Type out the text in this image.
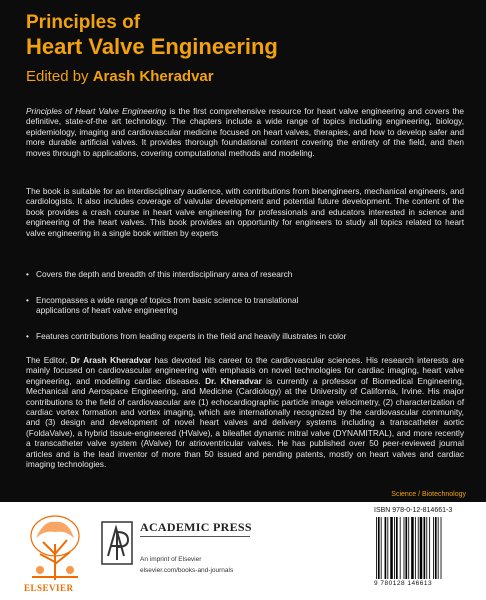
Principles of
Heart Valve Engineering
Edited by Arash Kheradvar
Principles of Heart Valve Engineering is the first comprehensive resource for heart valve engineering and covers the definitive, state-of-the art technology. The chapters include a wide range of topics including engineering, biology, epidemiology, imaging and cardiovascular medicine focused on heart valves, therapies, and how to develop safer and more durable artificial valves. It provides thorough foundational content covering the entirety of the field, and then moves through to applications, covering computational methods and modeling.
The book is suitable for an interdisciplinary audience, with contributions from bioengineers, mechanical engineers, and cardiologists. It also includes coverage of valvular development and potential future development. The content of the book provides a crash course in heart valve engineering for professionals and educators interested in science and engineering of the heart valves. This book provides an opportunity for engineers to study all topics related to heart valve engineering in a single book written by experts
• Covers the depth and breadth of this interdisciplinary area of research
• Encompasses a wide range of topics from basic science to translational applications of heart valve engineering
• Features contributions from leading experts in the field and heavily illustrates in color
The Editor, Dr Arash Kheradvar has devoted his career to the cardiovascular sciences. His research interests are mainly focused on cardiovascular engineering with emphasis on novel technologies for cardiac imaging, heart valve engineering, and modelling cardiac diseases. Dr. Kheradvar is currently a professor of Biomedical Engineering, Mechanical and Aerospace Engineering, and Medicine (Cardiology) at the University of California, Irvine. His major contributions to the field of cardiovascular are (1) echocardiographic particle image velocimetry, (2) characterization of cardiac vortex formation and vortex imaging, which are internationally recognized by the cardiovascular community, and (3) design and development of novel heart valves and delivery systems including a transcatheter aortic (FoldaValve), a hybrid tissue-engineered (HValve), a bileaflet dynamic mitral valve (DYNAMITRAL), and more recently a transcatheter valve system (AValve) for atrioventricular valves. He has published over 50 peer-reviewed journal articles and is the lead inventor of more than 50 issued and pending patents, mostly on heart valves and cardiac imaging technologies.
Science / Biotechnology
ELSEVIER
ACADEMIC PRESS
An imprint of Elsevier
elsevier.com/books-and-journals
ISBN 978-0-12-814661-3
9 780128 146613
